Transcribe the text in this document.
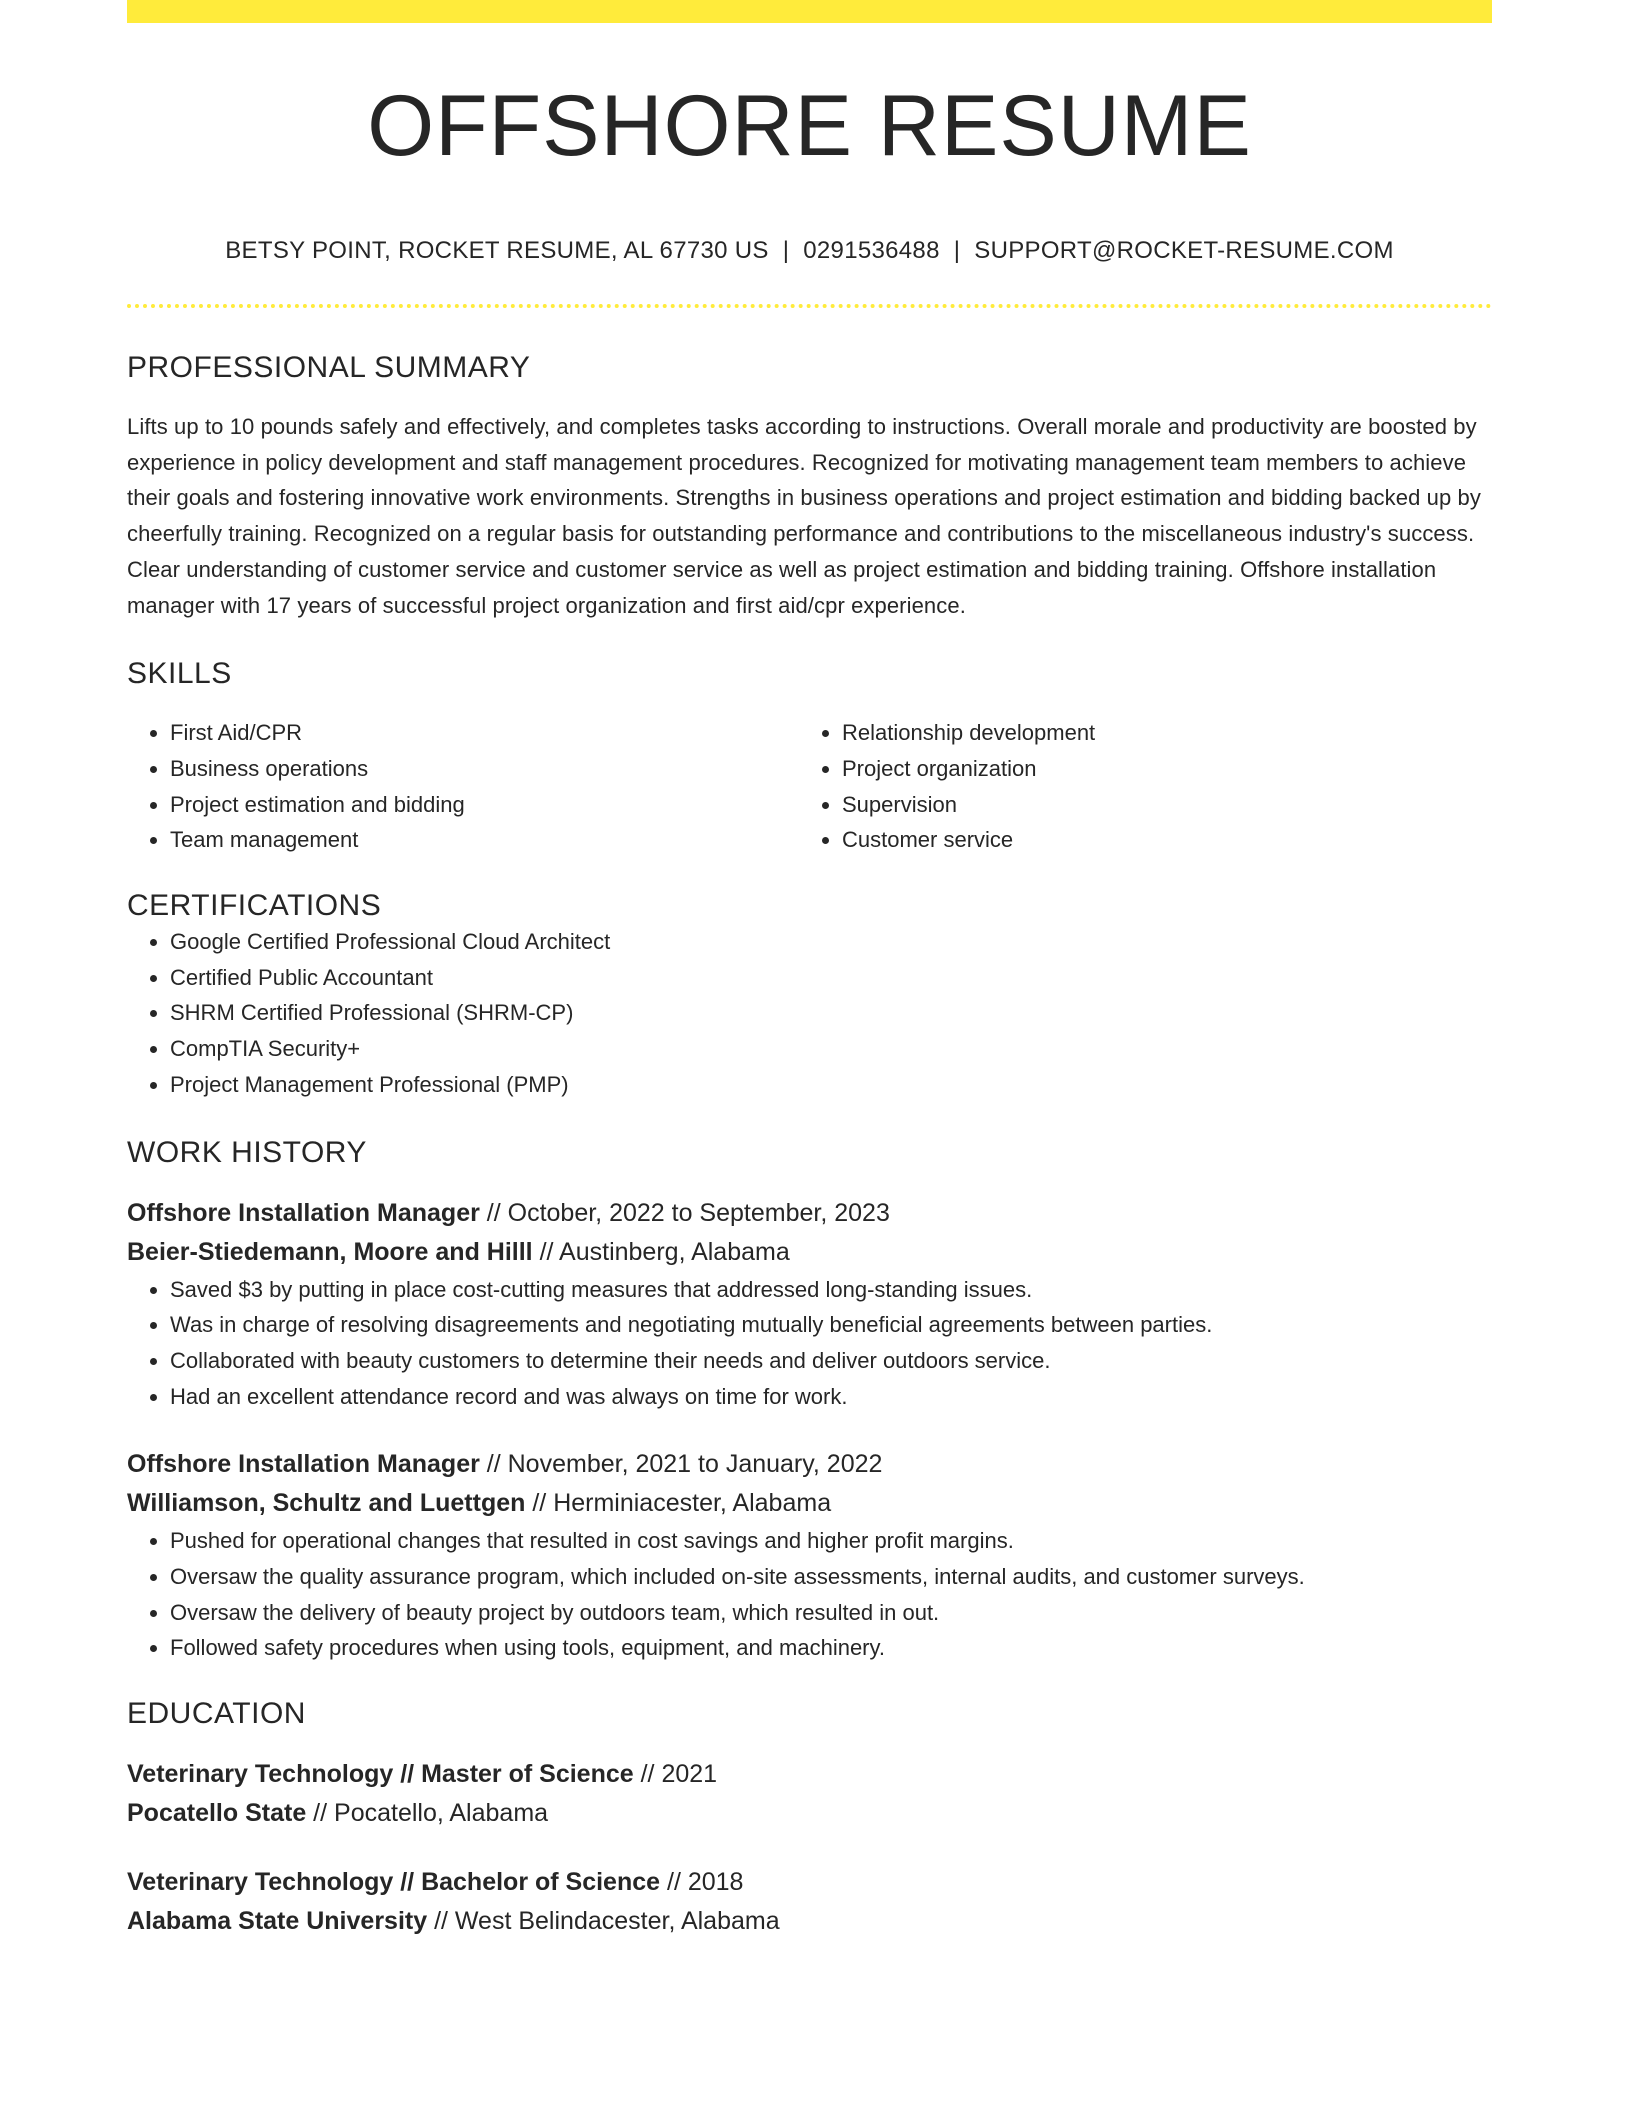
OFFSHORE RESUME
BETSY POINT, ROCKET RESUME, AL 67730 US | 0291536488 | SUPPORT@ROCKET-RESUME.COM
PROFESSIONAL SUMMARY
Lifts up to 10 pounds safely and effectively, and completes tasks according to instructions. Overall morale and productivity are boosted by experience in policy development and staff management procedures. Recognized for motivating management team members to achieve their goals and fostering innovative work environments. Strengths in business operations and project estimation and bidding backed up by cheerfully training. Recognized on a regular basis for outstanding performance and contributions to the miscellaneous industry's success. Clear understanding of customer service and customer service as well as project estimation and bidding training. Offshore installation manager with 17 years of successful project organization and first aid/cpr experience.
SKILLS
• First Aid/CPR
• Business operations
• Project estimation and bidding
• Team management
• Relationship development
• Project organization
• Supervision
• Customer service
CERTIFICATIONS
• Google Certified Professional Cloud Architect
• Certified Public Accountant
• SHRM Certified Professional (SHRM-CP)
• CompTIA Security+
• Project Management Professional (PMP)
WORK HISTORY
Offshore Installation Manager // October, 2022 to September, 2023
Beier-Stiedemann, Moore and Hilll // Austinberg, Alabama
• Saved $3 by putting in place cost-cutting measures that addressed long-standing issues.
• Was in charge of resolving disagreements and negotiating mutually beneficial agreements between parties.
• Collaborated with beauty customers to determine their needs and deliver outdoors service.
• Had an excellent attendance record and was always on time for work.
Offshore Installation Manager // November, 2021 to January, 2022
Williamson, Schultz and Luettgen // Herminiacester, Alabama
• Pushed for operational changes that resulted in cost savings and higher profit margins.
• Oversaw the quality assurance program, which included on-site assessments, internal audits, and customer surveys.
• Oversaw the delivery of beauty project by outdoors team, which resulted in out.
• Followed safety procedures when using tools, equipment, and machinery.
EDUCATION
Veterinary Technology // Master of Science // 2021
Pocatello State // Pocatello, Alabama
Veterinary Technology // Bachelor of Science // 2018
Alabama State University // West Belindacester, Alabama
